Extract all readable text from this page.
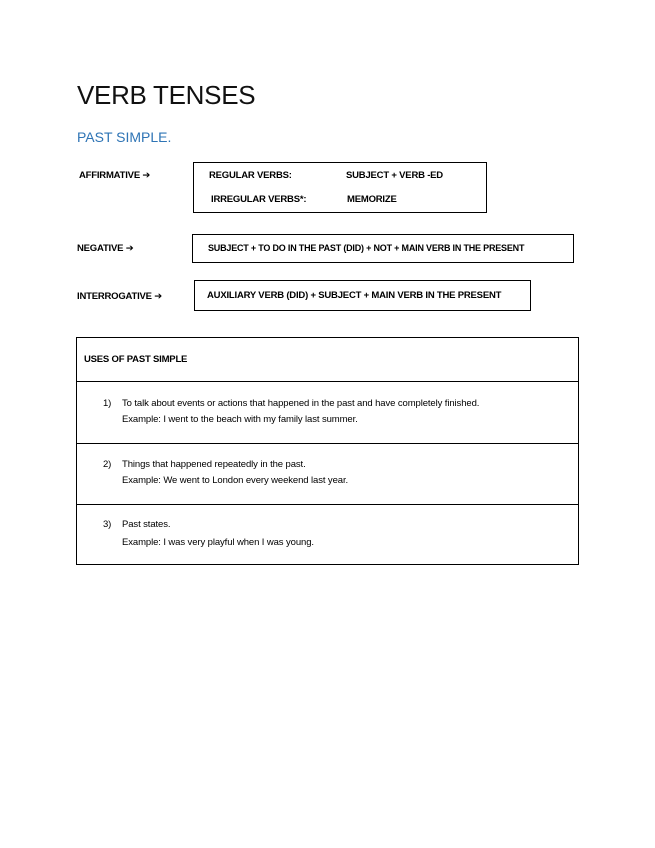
VERB TENSES
PAST SIMPLE.
AFFIRMATIVE ➔	REGULAR VERBS:	SUBJECT + VERB -ED
IRREGULAR VERBS*:	MEMORIZE
NEGATIVE ➔	SUBJECT + TO DO IN THE PAST (DID) + NOT + MAIN VERB IN THE PRESENT
INTERROGATIVE ➔	AUXILIARY VERB (DID) + SUBJECT + MAIN VERB IN THE PRESENT
USES OF PAST SIMPLE
1) To talk about events or actions that happened in the past and have completely finished.
Example: I went to the beach with my family last summer.
2) Things that happened repeatedly in the past.
Example: We went to London every weekend last year.
3) Past states.
Example: I was very playful when I was young.
